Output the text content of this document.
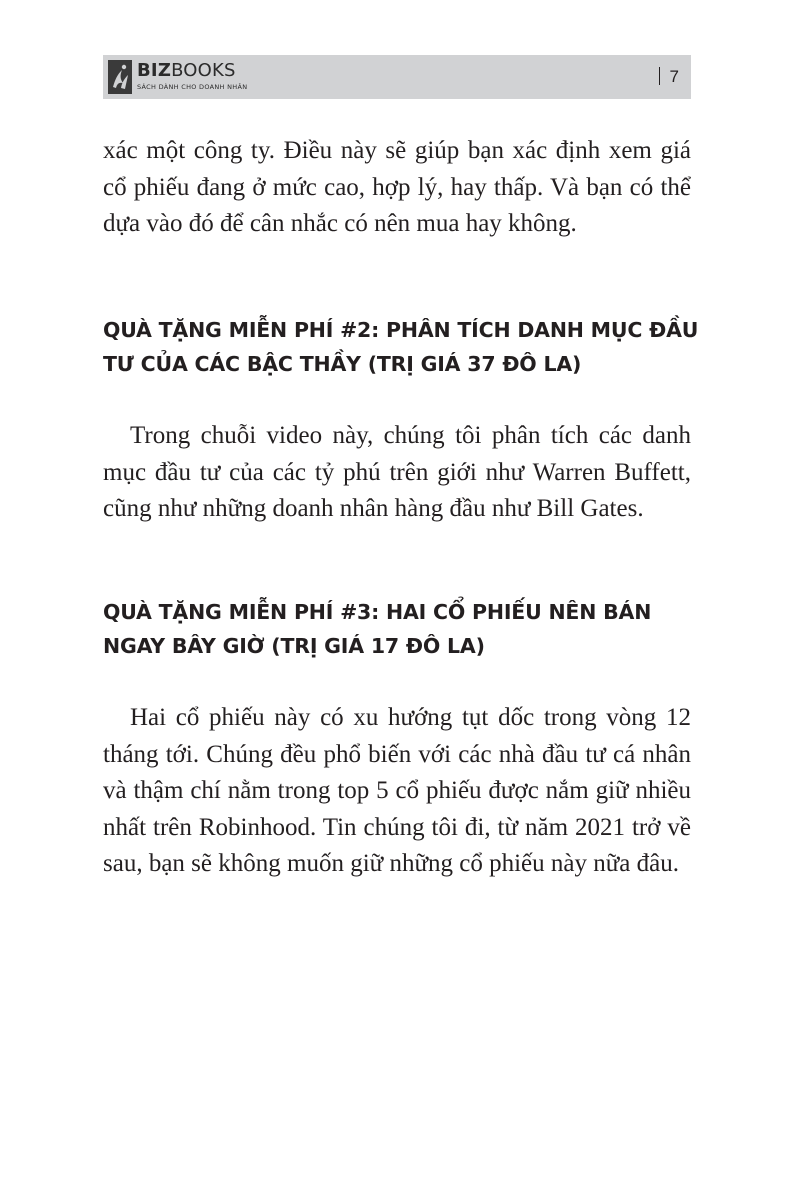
BIZBOOKS
SÁCH DÀNH CHO DOANH NHÂN
7

xác một công ty. Điều này sẽ giúp bạn xác định xem giá cổ phiếu đang ở mức cao, hợp lý, hay thấp. Và bạn có thể dựa vào đó để cân nhắc có nên mua hay không.

QUÀ TẶNG MIỄN PHÍ #2: PHÂN TÍCH DANH MỤC ĐẦU TƯ CỦA CÁC BẬC THẦY (TRỊ GIÁ 37 ĐÔ LA)

Trong chuỗi video này, chúng tôi phân tích các danh mục đầu tư của các tỷ phú trên giới như Warren Buffett, cũng như những doanh nhân hàng đầu như Bill Gates.

QUÀ TẶNG MIỄN PHÍ #3: HAI CỔ PHIẾU NÊN BÁN NGAY BÂY GIỜ (TRỊ GIÁ 17 ĐÔ LA)

Hai cổ phiếu này có xu hướng tụt dốc trong vòng 12 tháng tới. Chúng đều phổ biến với các nhà đầu tư cá nhân và thậm chí nằm trong top 5 cổ phiếu được nắm giữ nhiều nhất trên Robinhood. Tin chúng tôi đi, từ năm 2021 trở về sau, bạn sẽ không muốn giữ những cổ phiếu này nữa đâu.
